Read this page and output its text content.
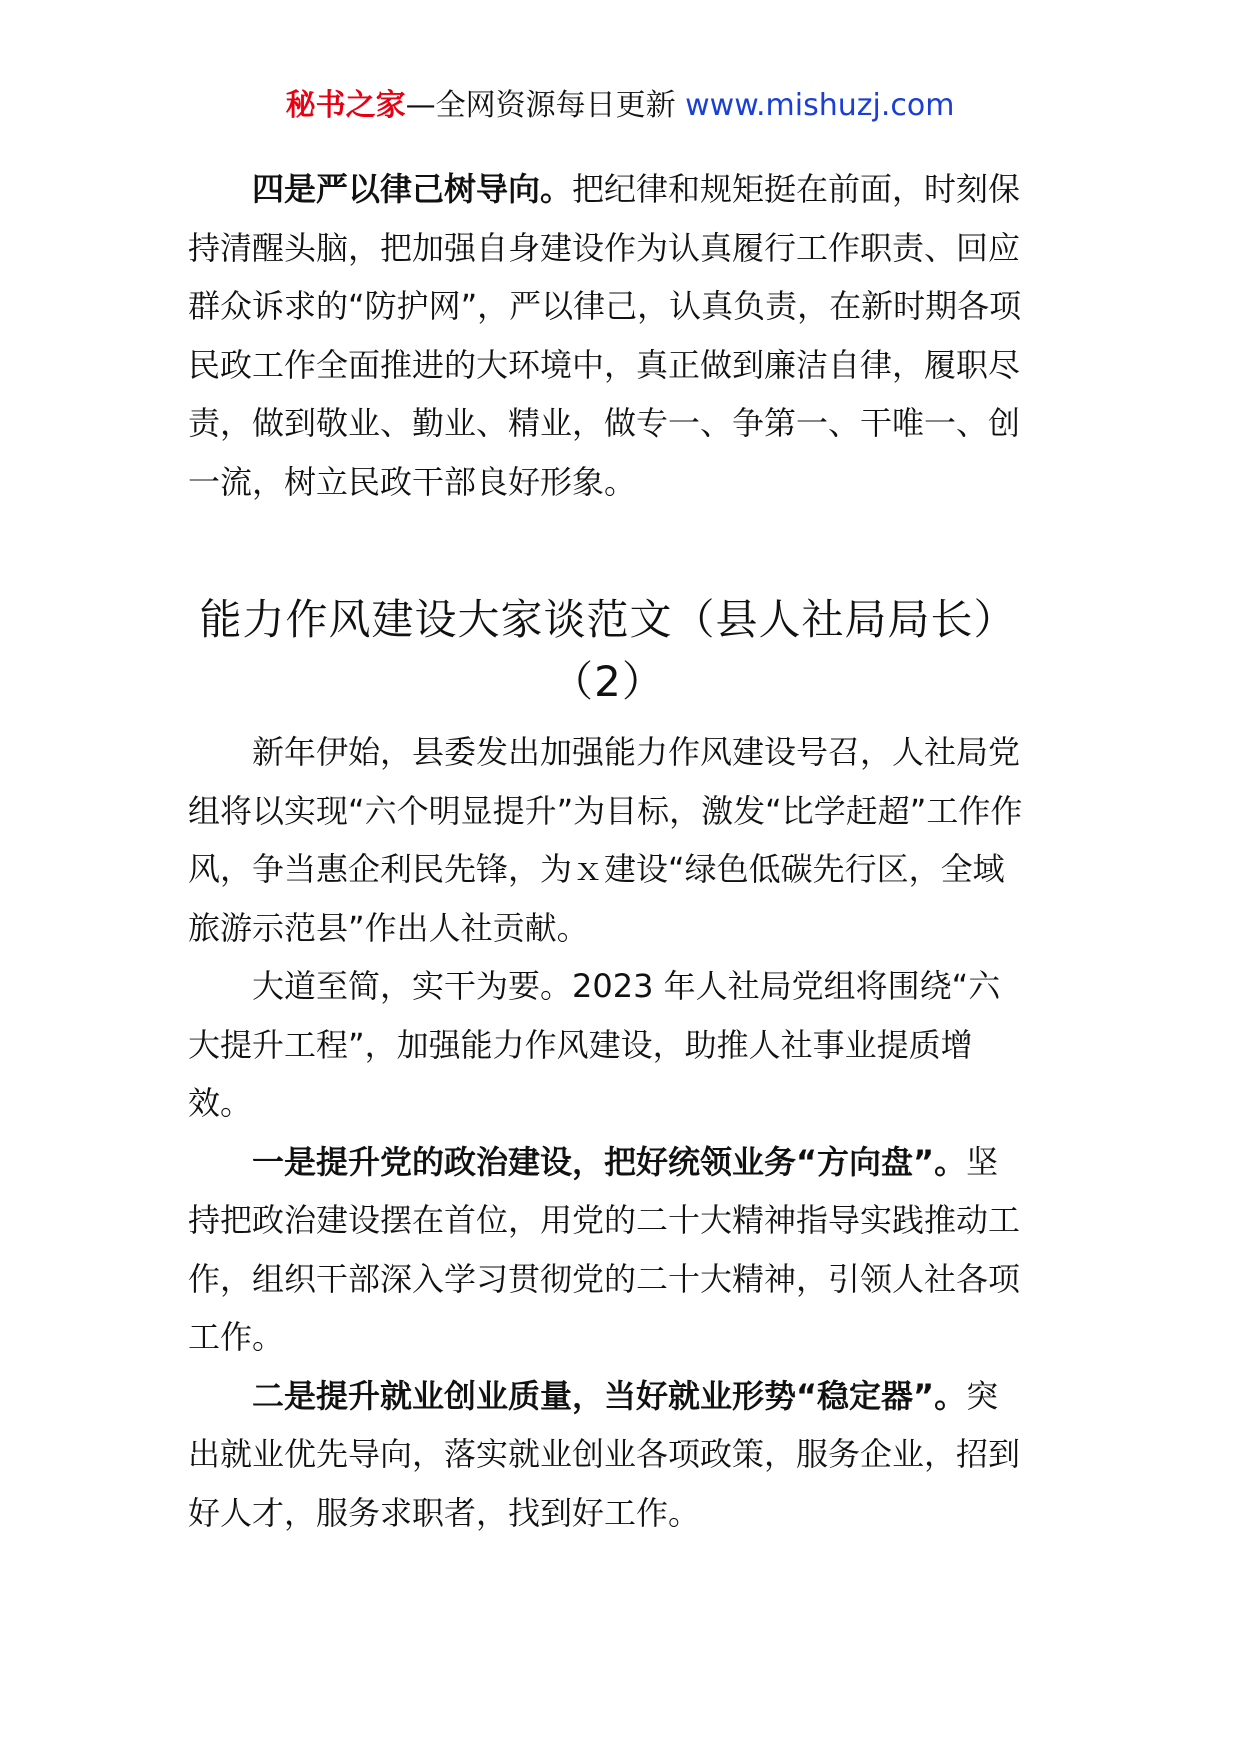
秘书之家—全网资源每日更新 www.mishuzj.com

四是严以律己树导向。把纪律和规矩挺在前面，时刻保持清醒头脑，把加强自身建设作为认真履行工作职责、回应群众诉求的“防护网”，严以律己，认真负责，在新时期各项民政工作全面推进的大环境中，真正做到廉洁自律，履职尽责，做到敬业、勤业、精业，做专一、争第一、干唯一、创一流，树立民政干部良好形象。

能力作风建设大家谈范文（县人社局局长）（2）

新年伊始，县委发出加强能力作风建设号召，人社局党组将以实现“六个明显提升”为目标，激发“比学赶超”工作作风，争当惠企利民先锋，为ｘ建设“绿色低碳先行区，全域旅游示范县”作出人社贡献。

大道至简，实干为要。2023 年人社局党组将围绕“六大提升工程”，加强能力作风建设，助推人社事业提质增效。

一是提升党的政治建设，把好统领业务“方向盘”。坚持把政治建设摆在首位，用党的二十大精神指导实践推动工作，组织干部深入学习贯彻党的二十大精神，引领人社各项工作。

二是提升就业创业质量，当好就业形势“稳定器”。突出就业优先导向，落实就业创业各项政策，服务企业，招到好人才，服务求职者，找到好工作。
